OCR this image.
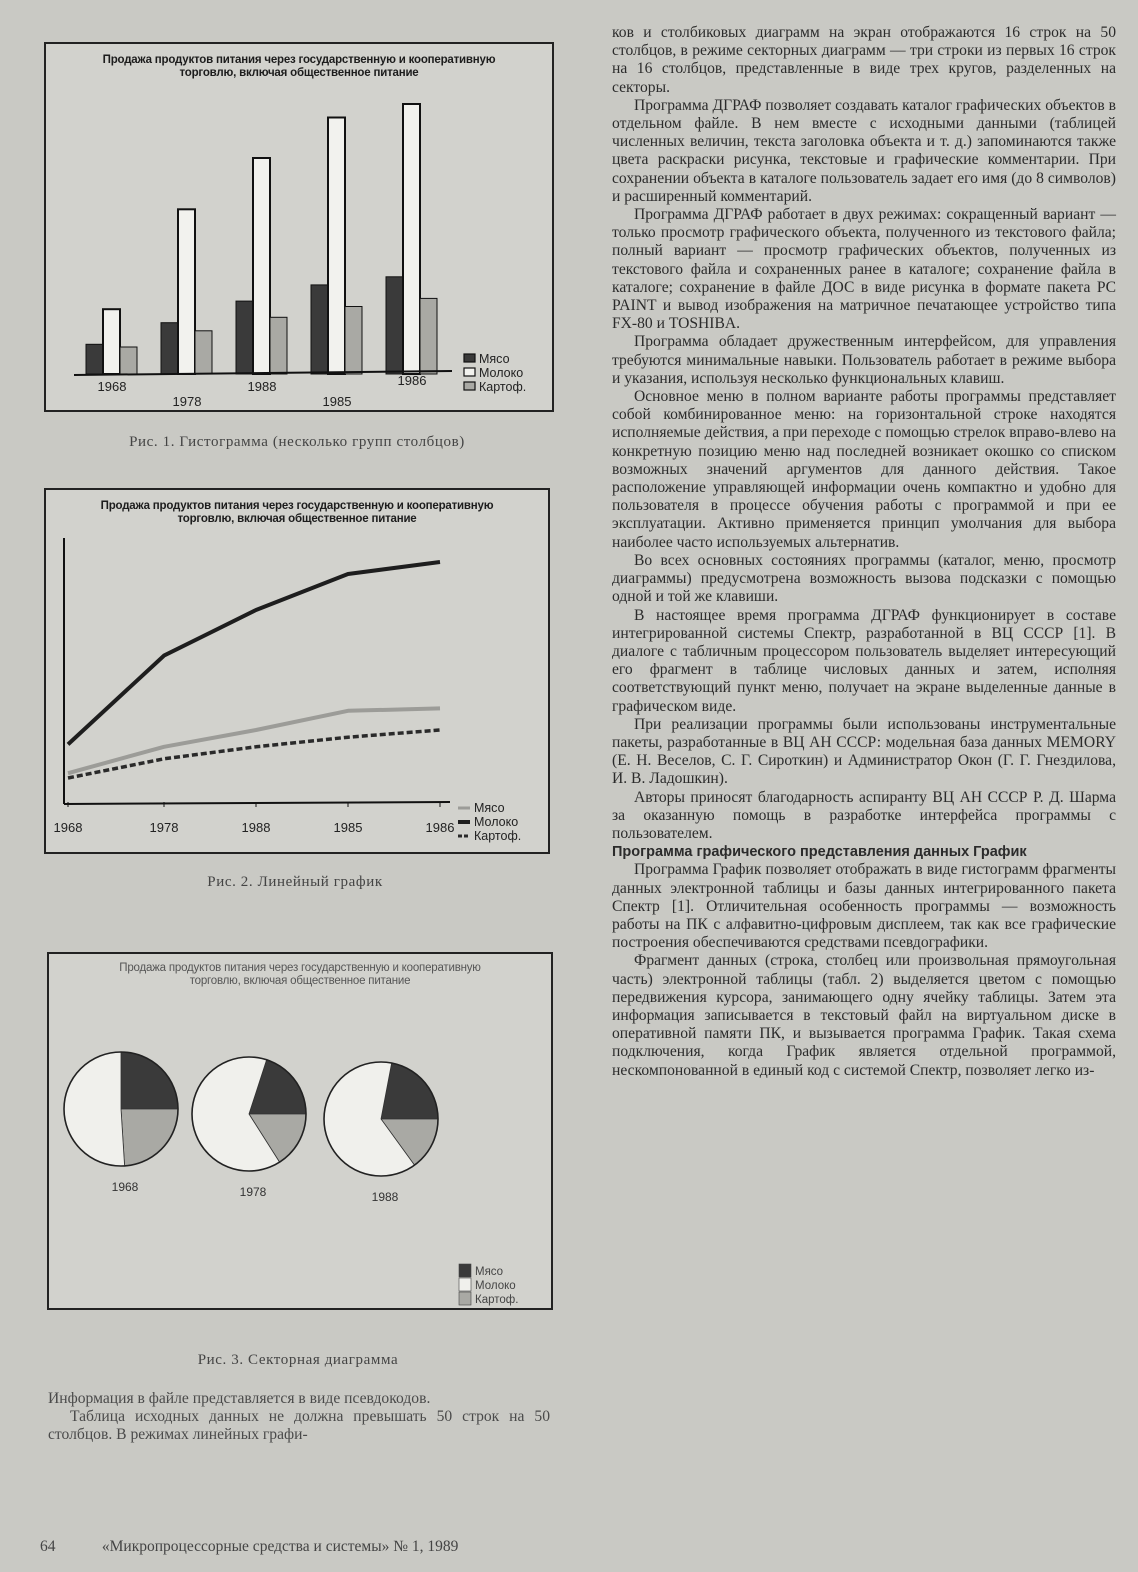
Продажа продуктов питания через государственную и кооперативную
торговлю, включая общественное питание
1968
1978
1988
1985
1986
Мясо
Молоко
Картоф.
Рис. 1. Гистограмма (несколько групп столбцов)
Продажа продуктов питания через государственную и кооперативную
торговлю, включая общественное питание
1968	1978	1988	1985	1986
Мясо
Молоко
Картоф.
Рис. 2. Линейный график
Продажа продуктов питания через государственную и кооперативную
торговлю, включая общественное питание
1968	1978	1988
Мясо
Молоко
Картоф.
Рис. 3. Секторная диаграмма

Информация в файле представляется в виде псевдокодов.

Таблица исходных данных не должна превышать 50 строк на 50 столбцов. В режимах линейных графи-

ков и столбиковых диаграмм на экран отображаются 16 строк на 50 столбцов, в режиме секторных диаграмм — три строки из первых 16 строк на 16 столбцов, представленные в виде трех кругов, разделенных на секторы.

Программа ДГРАФ позволяет создавать каталог графических объектов в отдельном файле. В нем вместе с исходными данными (таблицей численных величин, текста заголовка объекта и т. д.) запоминаются также цвета раскраски рисунка, текстовые и графические комментарии. При сохранении объекта в каталоге пользователь задает его имя (до 8 символов) и расширенный комментарий.

Программа ДГРАФ работает в двух режимах: сокращенный вариант — только просмотр графического объекта, полученного из текстового файла; полный вариант — просмотр графических объектов, полученных из текстового файла и сохраненных ранее в каталоге; сохранение файла в каталоге; сохранение в файле ДОС в виде рисунка в формате пакета PC PAINT и вывод изображения на матричное печатающее устройство типа FX-80 и TOSHIBA.

Программа обладает дружественным интерфейсом, для управления требуются минимальные навыки. Пользователь работает в режиме выбора и указания, используя несколько функциональных клавиш.

Основное меню в полном варианте работы программы представляет собой комбинированное меню: на горизонтальной строке находятся исполняемые действия, а при переходе с помощью стрелок вправо-влево на конкретную позицию меню над последней возникает окошко со списком возможных значений аргументов для данного действия. Такое расположение управляющей информации очень компактно и удобно для пользователя в процессе обучения работы с программой и при ее эксплуатации. Активно применяется принцип умолчания для выбора наиболее часто используемых альтернатив.

Во всех основных состояниях программы (каталог, меню, просмотр диаграммы) предусмотрена возможность вызова подсказки с помощью одной и той же клавиши.

В настоящее время программа ДГРАФ функционирует в составе интегрированной системы Спектр, разработанной в ВЦ СССР [1]. В диалоге с табличным процессором пользователь выделяет интересующий его фрагмент в таблице числовых данных и затем, исполняя соответствующий пункт меню, получает на экране выделенные данные в графическом виде.

При реализации программы были использованы инструментальные пакеты, разработанные в ВЦ АН СССР: модельная база данных MEMORY (Е. Н. Веселов, С. Г. Сироткин) и Администратор Окон (Г. Г. Гнездилова, И. В. Ладошкин).

Авторы приносят благодарность аспиранту ВЦ АН СССР Р. Д. Шарма за оказанную помощь в разработке интерфейса программы с пользователем.

Программа графического представления данных График

Программа График позволяет отображать в виде гистограмм фрагменты данных электронной таблицы и базы данных интегрированного пакета Спектр [1]. Отличительная особенность программы — возможность работы на ПК с алфавитно-цифровым дисплеем, так как все графические построения обеспечиваются средствами псевдографики.

Фрагмент данных (строка, столбец или произвольная прямоугольная часть) электронной таблицы (табл. 2) выделяется цветом с помощью передвижения курсора, занимающего одну ячейку таблицы. Затем эта информация записывается в текстовый файл на виртуальном диске в оперативной памяти ПК, и вызывается программа График. Такая схема подключения, когда График является отдельной программой, нескомпонованной в единый код с системой Спектр, позволяет легко из-

64	«Микропроцессорные средства и системы» № 1, 1989
